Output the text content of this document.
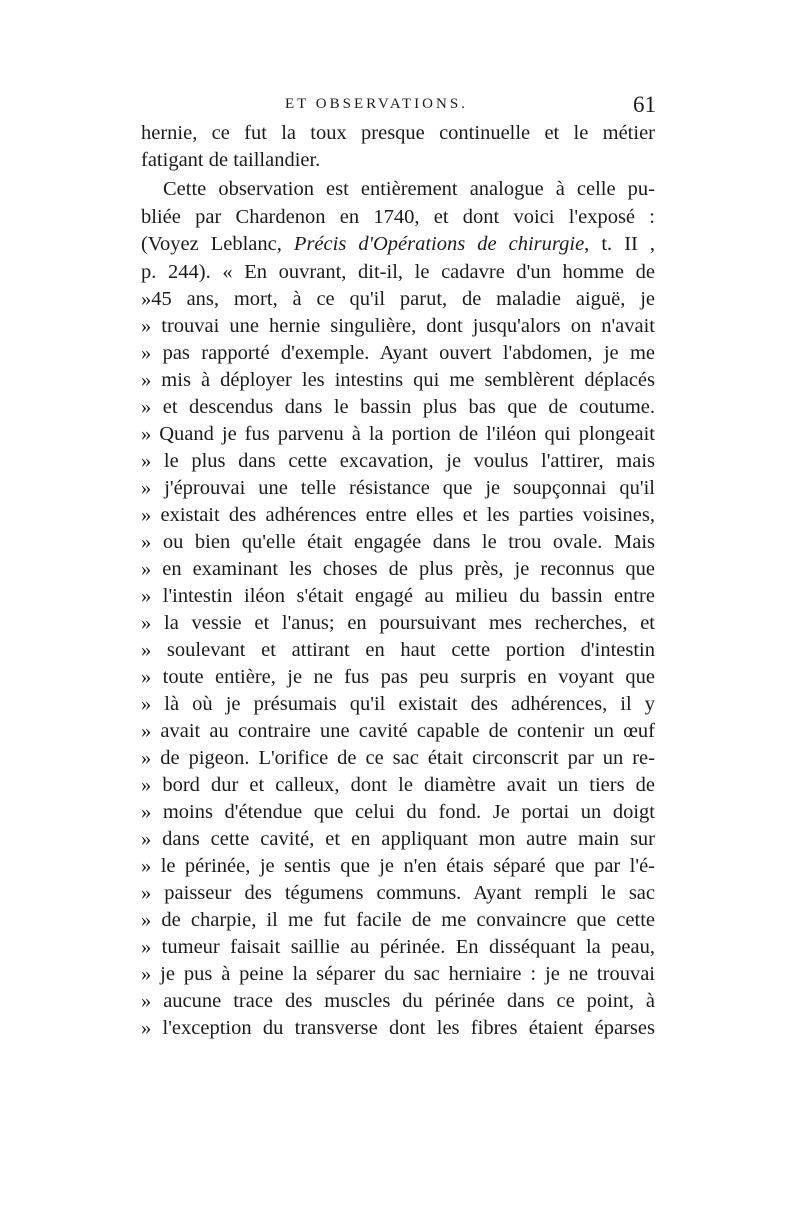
ET OBSERVATIONS.	61
hernie, ce fut la toux presque continuelle et le métier
fatigant de taillandier.
Cette observation est entièrement analogue à celle pu-
bliée par Chardenon en 1740, et dont voici l'exposé :
(Voyez Leblanc, Précis d'Opérations de chirurgie, t. II ,
p. 244). « En ouvrant, dit-il, le cadavre d'un homme de
»45 ans, mort, à ce qu'il parut, de maladie aiguë, je
» trouvai une hernie singulière, dont jusqu'alors on n'avait
» pas rapporté d'exemple. Ayant ouvert l'abdomen, je me
» mis à déployer les intestins qui me semblèrent déplacés
» et descendus dans le bassin plus bas que de coutume.
» Quand je fus parvenu à la portion de l'iléon qui plongeait
» le plus dans cette excavation, je voulus l'attirer, mais
» j'éprouvai une telle résistance que je soupçonnai qu'il
» existait des adhérences entre elles et les parties voisines,
» ou bien qu'elle était engagée dans le trou ovale. Mais
» en examinant les choses de plus près, je reconnus que
» l'intestin iléon s'était engagé au milieu du bassin entre
» la vessie et l'anus; en poursuivant mes recherches, et
» soulevant et attirant en haut cette portion d'intestin
» toute entière, je ne fus pas peu surpris en voyant que
» là où je présumais qu'il existait des adhérences, il y
» avait au contraire une cavité capable de contenir un œuf
» de pigeon. L'orifice de ce sac était circonscrit par un re-
» bord dur et calleux, dont le diamètre avait un tiers de
» moins d'étendue que celui du fond. Je portai un doigt
» dans cette cavité, et en appliquant mon autre main sur
» le périnée, je sentis que je n'en étais séparé que par l'é-
» paisseur des tégumens communs. Ayant rempli le sac
» de charpie, il me fut facile de me convaincre que cette
» tumeur faisait saillie au périnée. En disséquant la peau,
» je pus à peine la séparer du sac herniaire : je ne trouvai
» aucune trace des muscles du périnée dans ce point, à
» l'exception du transverse dont les fibres étaient éparses
